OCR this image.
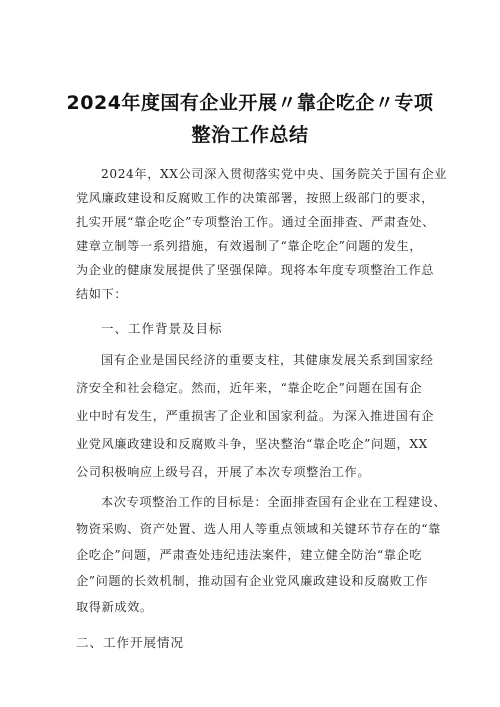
2024年度国有企业开展〃靠企吃企〃专项
整治工作总结
2024年，XX公司深入贯彻落实党中央、国务院关于国有企业
党风廉政建设和反腐败工作的决策部署，按照上级部门的要求，
扎实开展“靠企吃企”专项整治工作。通过全面排查、严肃查处、
建章立制等一系列措施，有效遏制了“靠企吃企”问题的发生，
为企业的健康发展提供了坚强保障。现将本年度专项整治工作总
结如下：
一、工作背景及目标
国有企业是国民经济的重要支柱，其健康发展关系到国家经
济安全和社会稳定。然而，近年来，“靠企吃企”问题在国有企
业中时有发生，严重损害了企业和国家利益。为深入推进国有企
业党风廉政建设和反腐败斗争，坚决整治“靠企吃企”问题，XX
公司积极响应上级号召，开展了本次专项整治工作。
本次专项整治工作的目标是：全面排查国有企业在工程建设、
物资采购、资产处置、选人用人等重点领域和关键环节存在的“靠
企吃企”问题，严肃查处违纪违法案件，建立健全防治“靠企吃
企”问题的长效机制，推动国有企业党风廉政建设和反腐败工作
取得新成效。
二、工作开展情况
